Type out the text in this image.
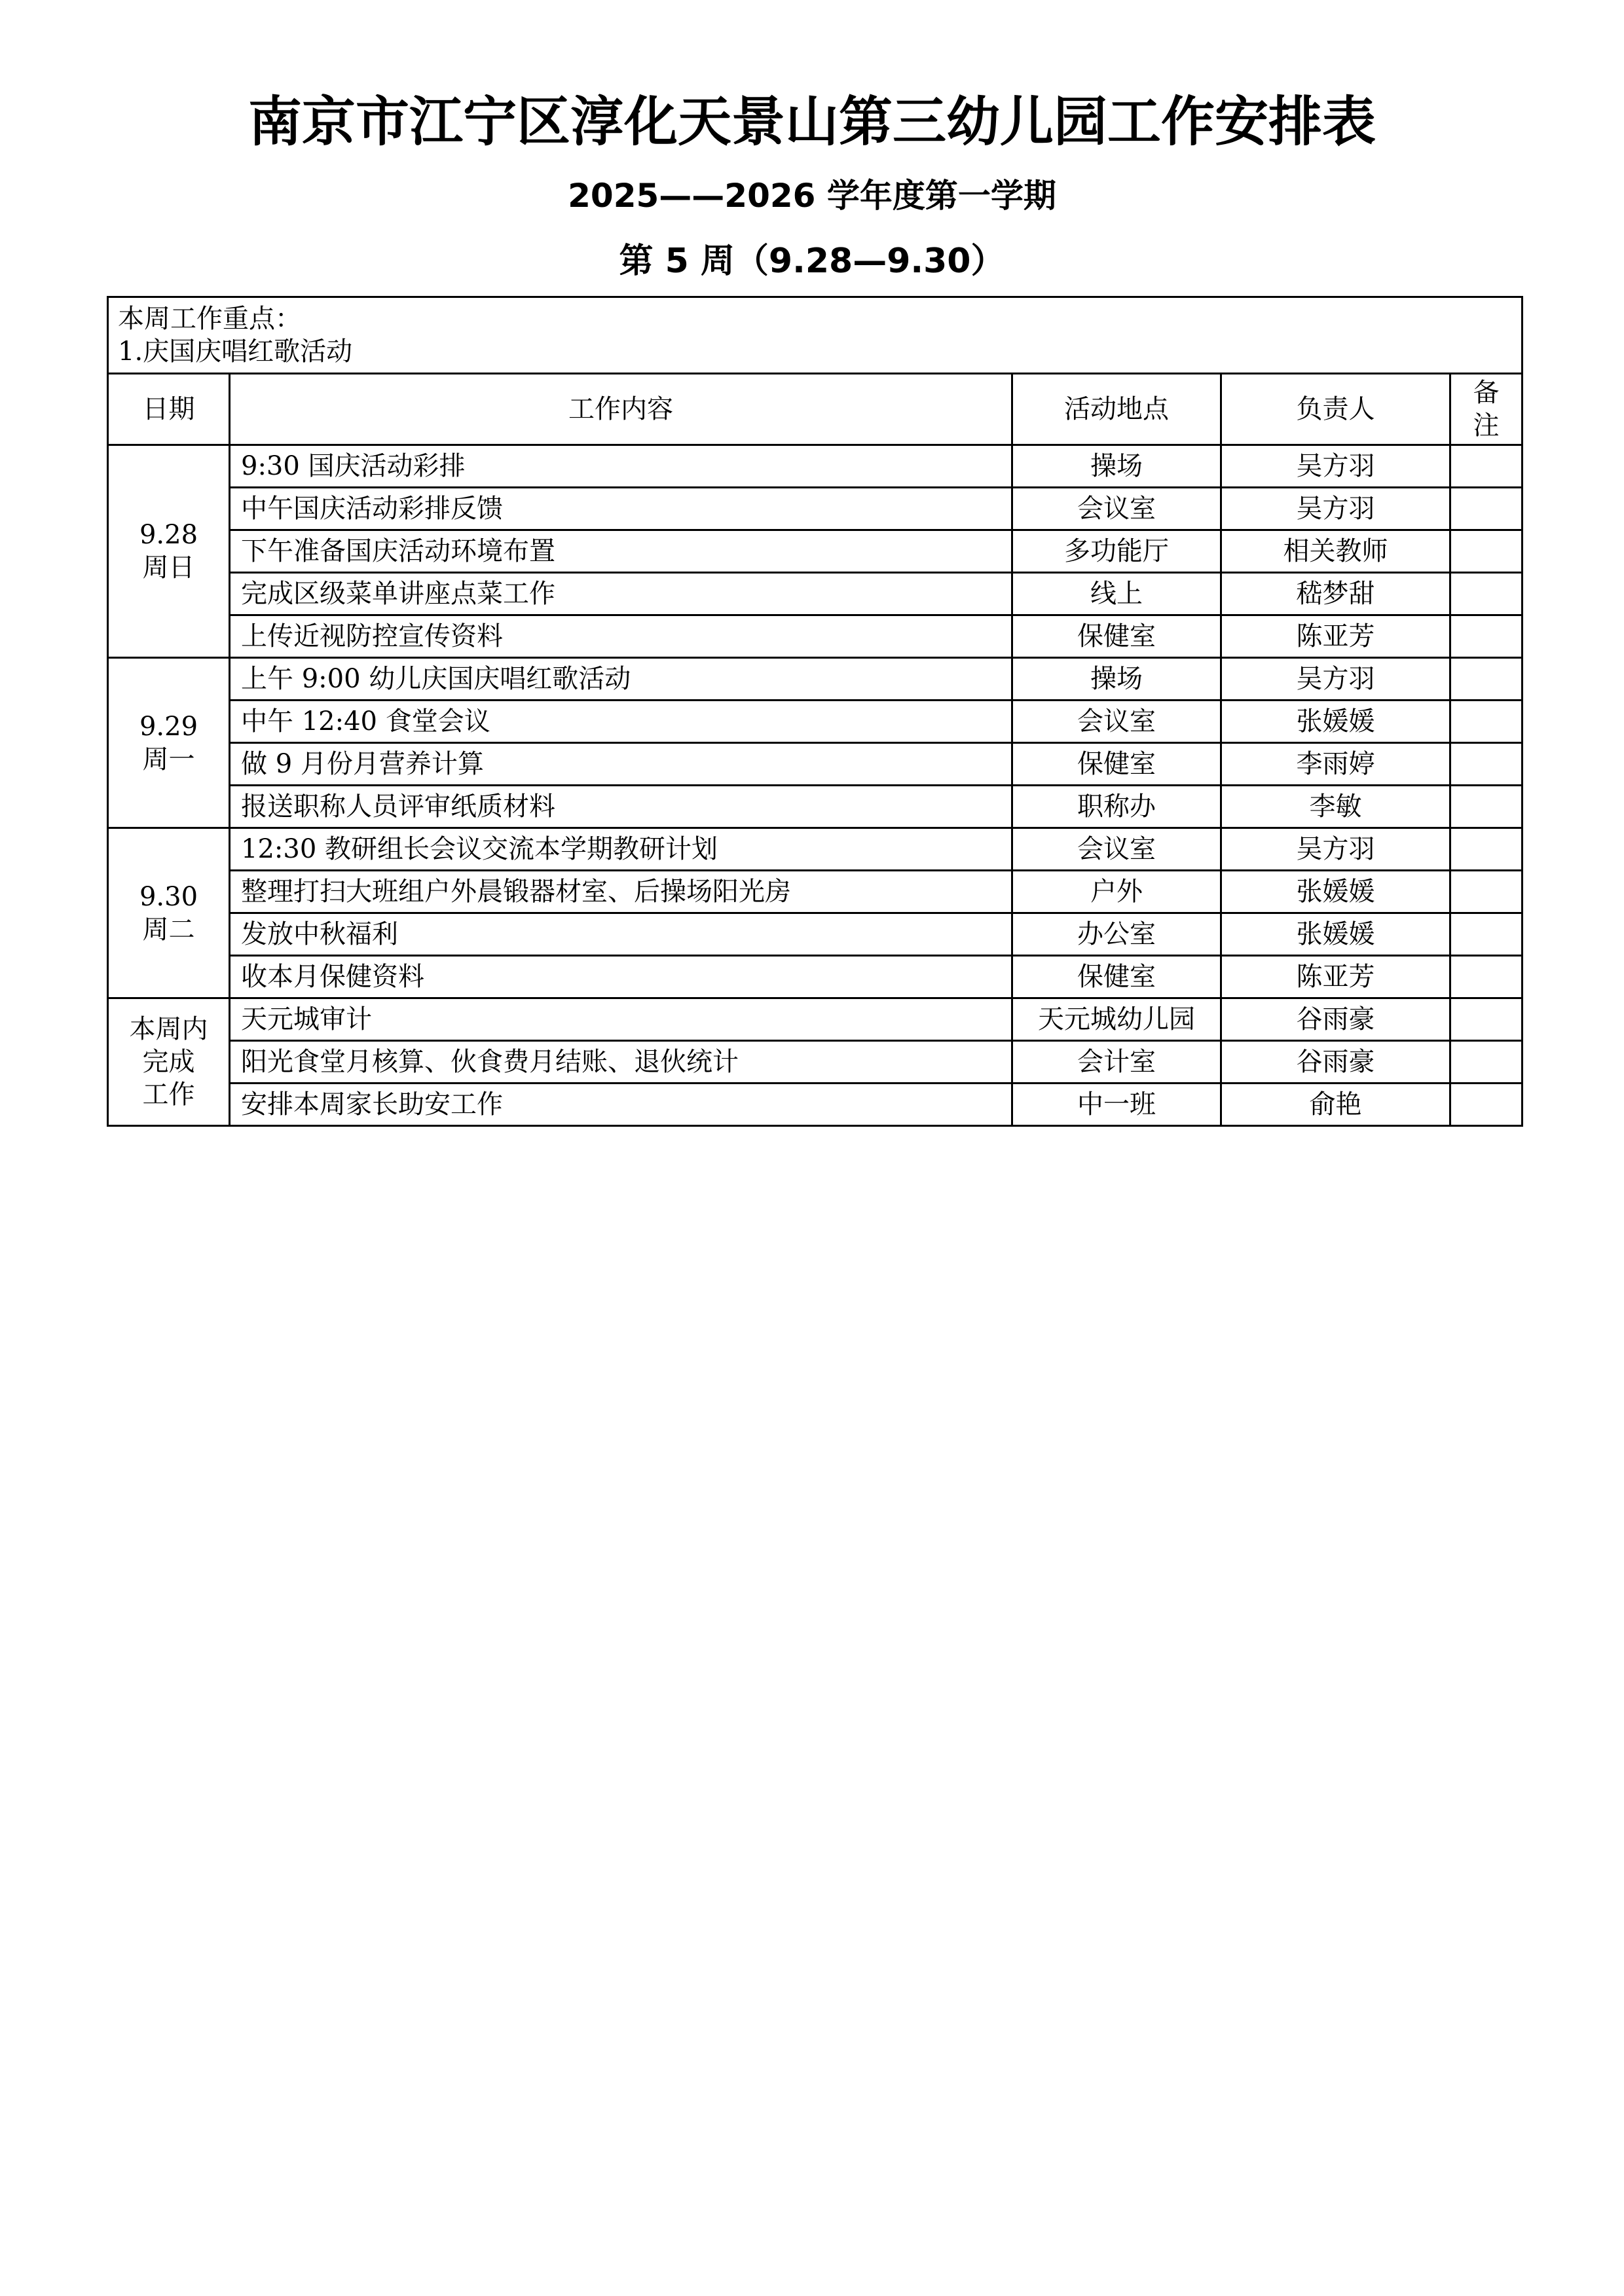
南京市江宁区淳化天景山第三幼儿园工作安排表
2025——2026 学年度第一学期
第 5 周（9.28—9.30）
本周工作重点：
1.庆国庆唱红歌活动				

日期	工作内容	活动地点	负责人	备
注

9.28
周日	9:30 国庆活动彩排	操场	吴方羽	
	中午国庆活动彩排反馈	会议室	吴方羽	
	下午准备国庆活动环境布置	多功能厅	相关教师	
	完成区级菜单讲座点菜工作	线上	嵇梦甜	
	上传近视防控宣传资料	保健室	陈亚芳	

9.29
周一	上午 9:00 幼儿庆国庆唱红歌活动	操场	吴方羽	
	中午 12:40 食堂会议	会议室	张媛媛	
	做 9 月份月营养计算	保健室	李雨婷	
	报送职称人员评审纸质材料	职称办	李敏	

9.30
周二	12:30 教研组长会议交流本学期教研计划	会议室	吴方羽	
	整理打扫大班组户外晨锻器材室、后操场阳光房	户外	张媛媛	
	发放中秋福利	办公室	张媛媛	
	收本月保健资料	保健室	陈亚芳	

本周内
完成
工作	天元城审计	天元城幼儿园	谷雨豪	
	阳光食堂月核算、伙食费月结账、退伙统计	会计室	谷雨豪	
	安排本周家长助安工作	中一班	俞艳	
